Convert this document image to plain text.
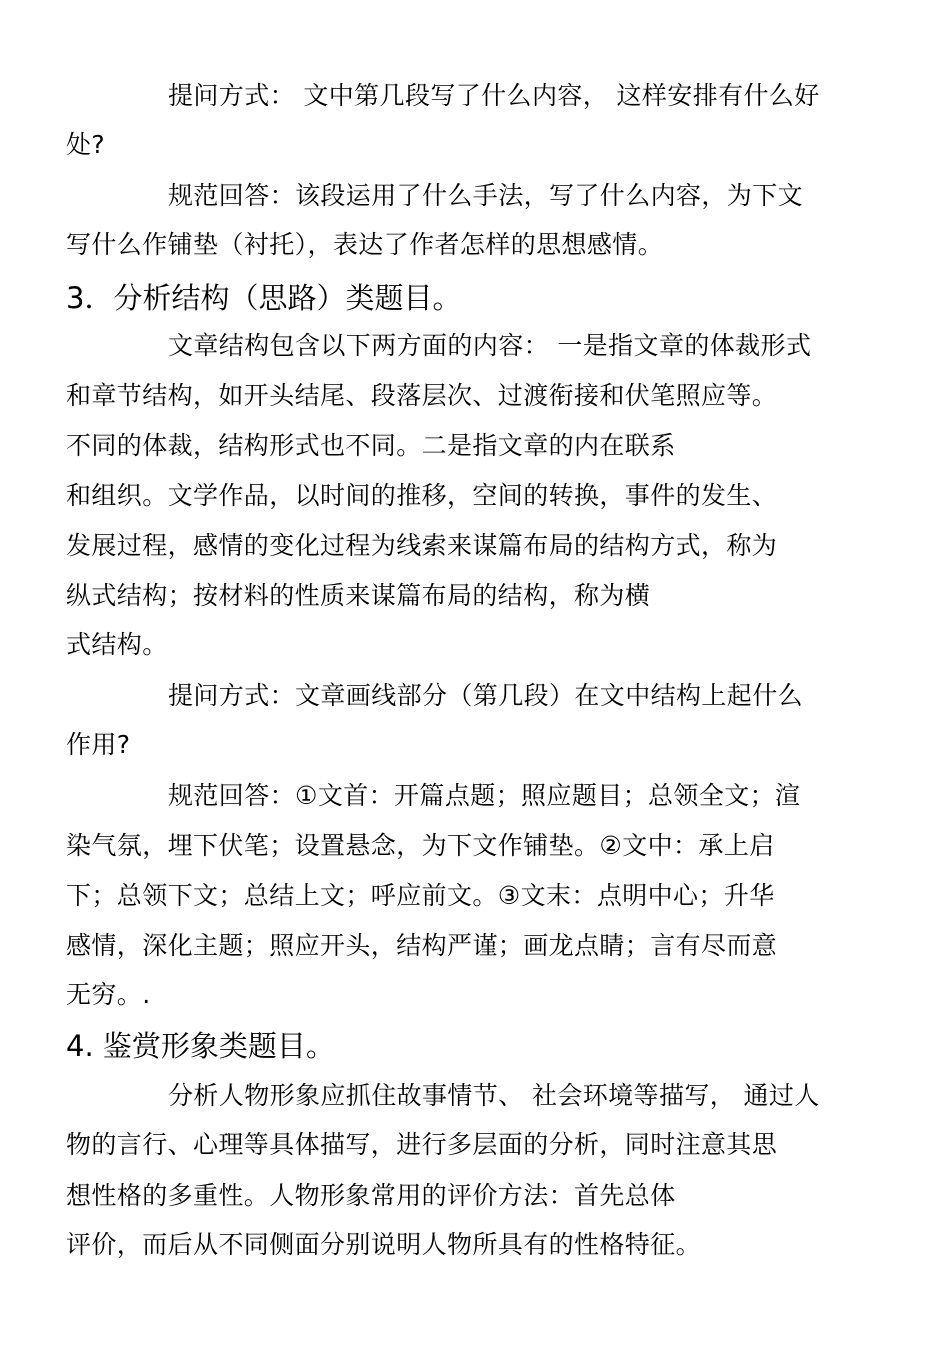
提问方式： 文中第几段写了什么内容， 这样安排有什么好
处?
规范回答：该段运用了什么手法，写了什么内容，为下文
写什么作铺垫（衬托），表达了作者怎样的思想感情。
3．分析结构（思路）类题目。
文章结构包含以下两方面的内容： 一是指文章的体裁形式
和章节结构，如开头结尾、段落层次、过渡衔接和伏笔照应等。
不同的体裁，结构形式也不同。二是指文章的内在联系
和组织。文学作品，以时间的推移，空间的转换，事件的发生、
发展过程，感情的变化过程为线索来谋篇布局的结构方式，称为
纵式结构；按材料的性质来谋篇布局的结构，称为横
式结构。
提问方式：文章画线部分（第几段）在文中结构上起什么
作用?
规范回答：①文首：开篇点题；照应题目；总领全文；渲
染气氛，埋下伏笔；设置悬念，为下文作铺垫。②文中：承上启
下；总领下文；总结上文；呼应前文。③文末：点明中心；升华
感情，深化主题；照应开头，结构严谨；画龙点睛；言有尽而意
无穷。.
4. 鉴赏形象类题目。
分析人物形象应抓住故事情节、 社会环境等描写， 通过人
物的言行、心理等具体描写，进行多层面的分析，同时注意其思
想性格的多重性。人物形象常用的评价方法：首先总体
评价，而后从不同侧面分别说明人物所具有的性格特征。
